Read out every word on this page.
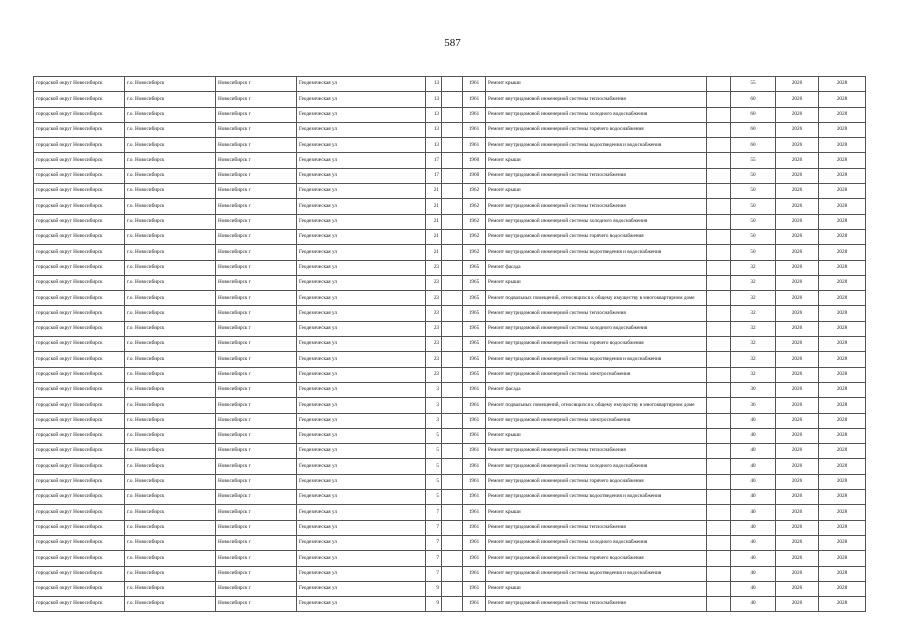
587
городской округ Новосибирск	г.о. Новосибирск	Новосибирск г	Геодезическая ул	13		1961	Ремонт крыши		55	2026	2028
городской округ Новосибирск	г.о. Новосибирск	Новосибирск г	Геодезическая ул	13		1961	Ремонт внутридомовой инженерной системы теплоснабжения		60	2026	2028
городской округ Новосибирск	г.о. Новосибирск	Новосибирск г	Геодезическая ул	13		1961	Ремонт внутридомовой инженерной системы холодного водоснабжения		60	2026	2028
городской округ Новосибирск	г.о. Новосибирск	Новосибирск г	Геодезическая ул	13		1961	Ремонт внутридомовой инженерной системы горячего водоснабжения		60	2026	2028
городской округ Новосибирск	г.о. Новосибирск	Новосибирск г	Геодезическая ул	13		1961	Ремонт внутридомовой инженерной системы водоотведения и водоснабжения		60	2026	2028
городской округ Новосибирск	г.о. Новосибирск	Новосибирск г	Геодезическая ул	17		1960	Ремонт крыши		55	2026	2028
городской округ Новосибирск	г.о. Новосибирск	Новосибирск г	Геодезическая ул	17		1960	Ремонт внутридомовой инженерной системы теплоснабжения		50	2026	2028
городской округ Новосибирск	г.о. Новосибирск	Новосибирск г	Геодезическая ул	21		1962	Ремонт крыши		50	2026	2028
городской округ Новосибирск	г.о. Новосибирск	Новосибирск г	Геодезическая ул	21		1962	Ремонт внутридомовой инженерной системы теплоснабжения		50	2026	2028
городской округ Новосибирск	г.о. Новосибирск	Новосибирск г	Геодезическая ул	21		1962	Ремонт внутридомовой инженерной системы холодного водоснабжения		50	2026	2028
городской округ Новосибирск	г.о. Новосибирск	Новосибирск г	Геодезическая ул	21		1962	Ремонт внутридомовой инженерной системы горячего водоснабжения		50	2026	2028
городской округ Новосибирск	г.о. Новосибирск	Новосибирск г	Геодезическая ул	21		1962	Ремонт внутридомовой инженерной системы водоотведения и водоснабжения		50	2026	2028
городской округ Новосибирск	г.о. Новосибирск	Новосибирск г	Геодезическая ул	23		1965	Ремонт фасада		32	2026	2028
городской округ Новосибирск	г.о. Новосибирск	Новосибирск г	Геодезическая ул	23		1965	Ремонт крыши		32	2026	2028
городской округ Новосибирск	г.о. Новосибирск	Новосибирск г	Геодезическая ул	23		1965	Ремонт подвальных помещений, относящихся к общему имуществу в многоквартирном доме		32	2026	2028
городской округ Новосибирск	г.о. Новосибирск	Новосибирск г	Геодезическая ул	23		1965	Ремонт внутридомовой инженерной системы теплоснабжения		32	2026	2028
городской округ Новосибирск	г.о. Новосибирск	Новосибирск г	Геодезическая ул	23		1965	Ремонт внутридомовой инженерной системы холодного водоснабжения		32	2026	2028
городской округ Новосибирск	г.о. Новосибирск	Новосибирск г	Геодезическая ул	23		1965	Ремонт внутридомовой инженерной системы горячего водоснабжения		32	2026	2028
городской округ Новосибирск	г.о. Новосибирск	Новосибирск г	Геодезическая ул	23		1965	Ремонт внутридомовой инженерной системы водоотведения и водоснабжения		32	2026	2028
городской округ Новосибирск	г.о. Новосибирск	Новосибирск г	Геодезическая ул	23		1965	Ремонт внутридомовой инженерной системы электроснабжения		32	2026	2028
городской округ Новосибирск	г.о. Новосибирск	Новосибирск г	Геодезическая ул	3		1961	Ремонт фасада		30	2026	2028
городской округ Новосибирск	г.о. Новосибирск	Новосибирск г	Геодезическая ул	3		1961	Ремонт подвальных помещений, относящихся к общему имуществу в многоквартирном доме		36	2026	2028
городской округ Новосибирск	г.о. Новосибирск	Новосибирск г	Геодезическая ул	3		1961	Ремонт внутридомовой инженерной системы электроснабжения		40	2026	2028
городской округ Новосибирск	г.о. Новосибирск	Новосибирск г	Геодезическая ул	5		1961	Ремонт крыши		40	2026	2028
городской округ Новосибирск	г.о. Новосибирск	Новосибирск г	Геодезическая ул	5		1961	Ремонт внутридомовой инженерной системы теплоснабжения		40	2026	2028
городской округ Новосибирск	г.о. Новосибирск	Новосибирск г	Геодезическая ул	5		1961	Ремонт внутридомовой инженерной системы холодного водоснабжения		40	2026	2028
городской округ Новосибирск	г.о. Новосибирск	Новосибирск г	Геодезическая ул	5		1961	Ремонт внутридомовой инженерной системы горячего водоснабжения		40	2026	2028
городской округ Новосибирск	г.о. Новосибирск	Новосибирск г	Геодезическая ул	5		1961	Ремонт внутридомовой инженерной системы водоотведения и водоснабжения		40	2026	2028
городской округ Новосибирск	г.о. Новосибирск	Новосибирск г	Геодезическая ул	7		1961	Ремонт крыши		40	2026	2028
городской округ Новосибирск	г.о. Новосибирск	Новосибирск г	Геодезическая ул	7		1961	Ремонт внутридомовой инженерной системы теплоснабжения		40	2026	2028
городской округ Новосибирск	г.о. Новосибирск	Новосибирск г	Геодезическая ул	7		1961	Ремонт внутридомовой инженерной системы холодного водоснабжения		40	2026	2028
городской округ Новосибирск	г.о. Новосибирск	Новосибирск г	Геодезическая ул	7		1961	Ремонт внутридомовой инженерной системы горячего водоснабжения		40	2026	2028
городской округ Новосибирск	г.о. Новосибирск	Новосибирск г	Геодезическая ул	7		1961	Ремонт внутридомовой инженерной системы водоотведения и водоснабжения		40	2026	2028
городской округ Новосибирск	г.о. Новосибирск	Новосибирск г	Геодезическая ул	9		1961	Ремонт крыши		40	2026	2028
городской округ Новосибирск	г.о. Новосибирск	Новосибирск г	Геодезическая ул	9		1961	Ремонт внутридомовой инженерной системы теплоснабжения		40	2026	2028
